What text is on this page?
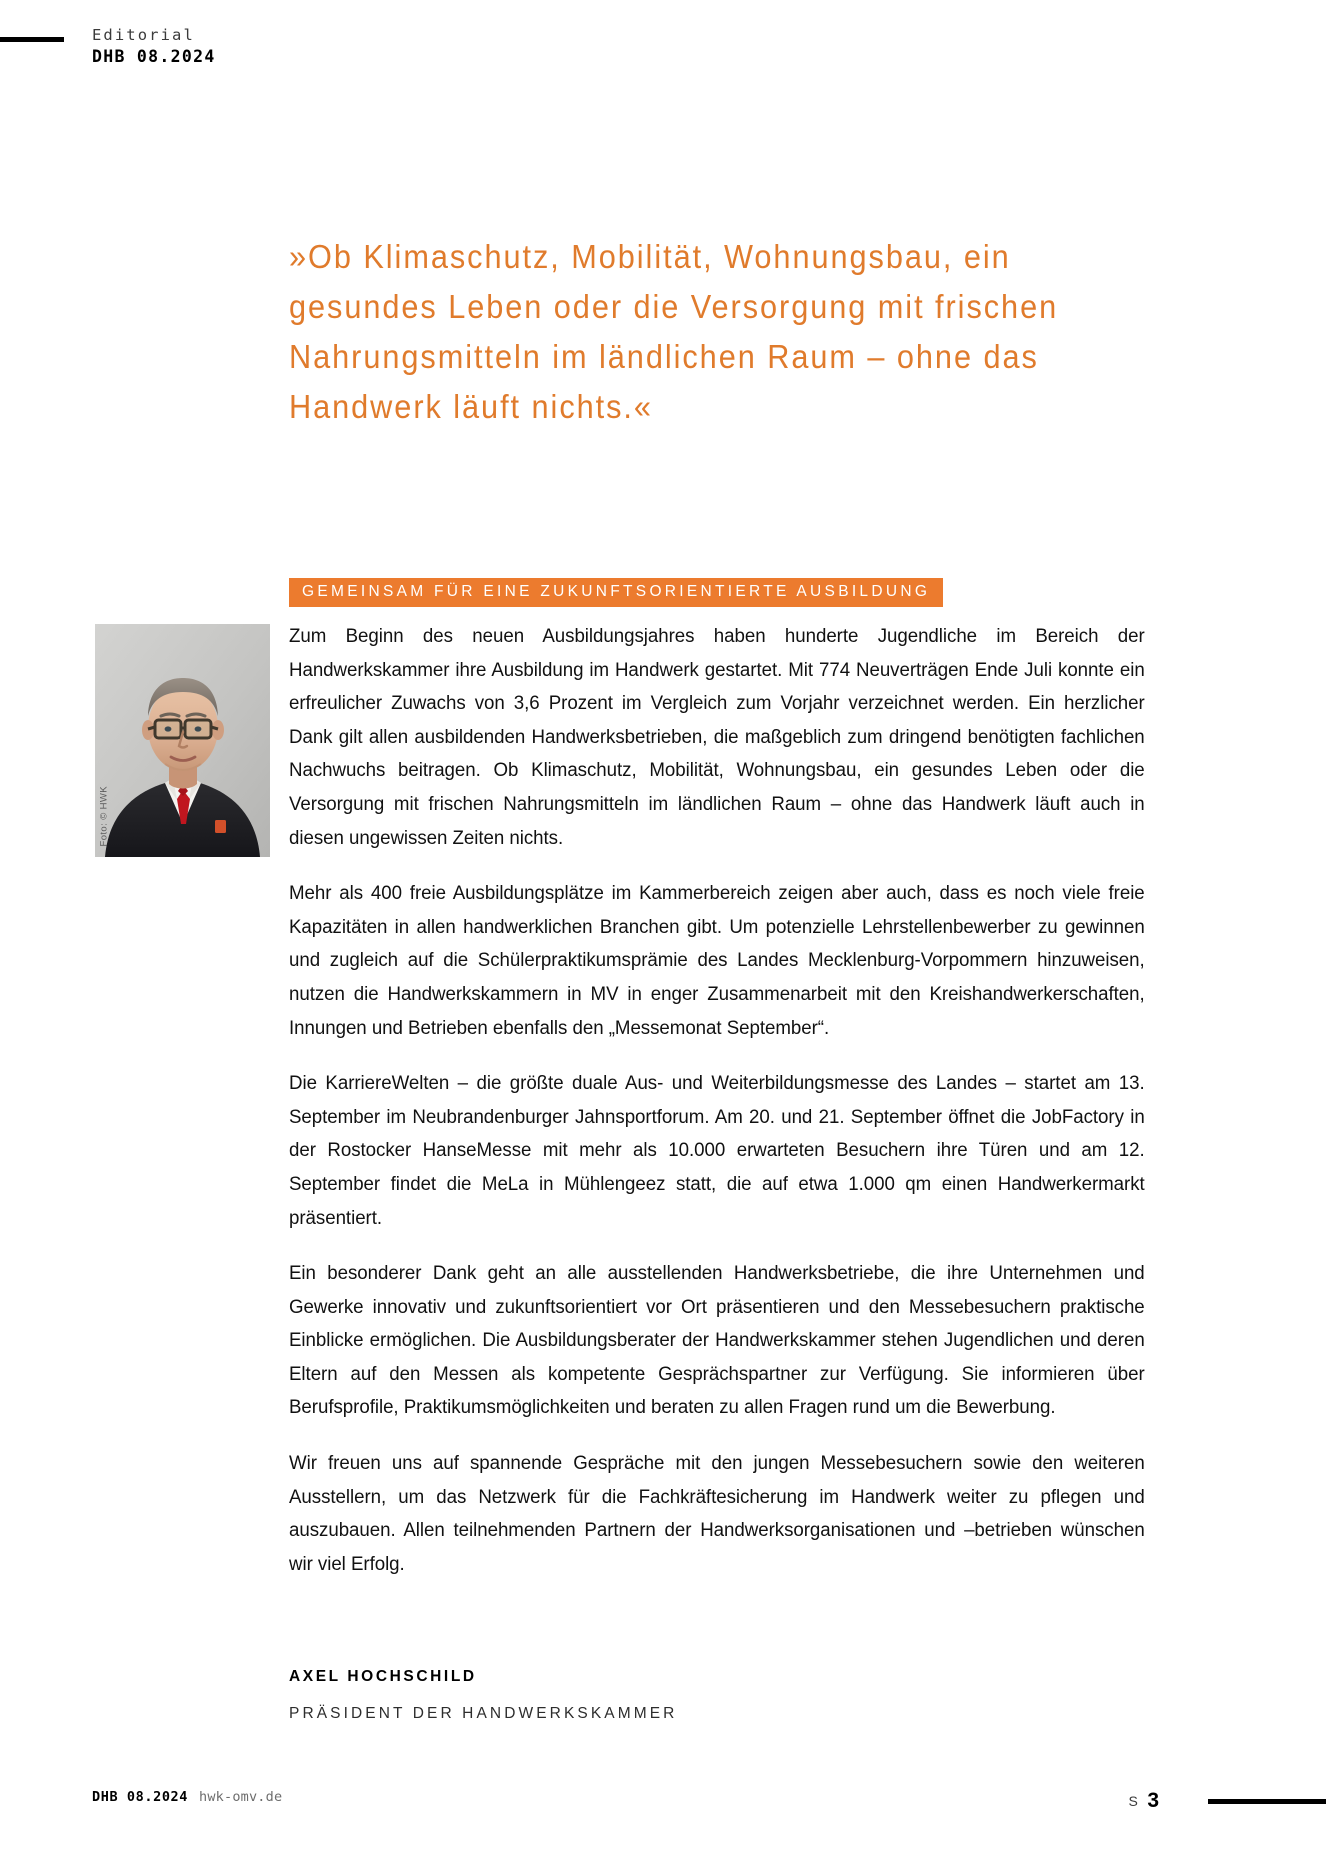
Editorial
DHB 08.2024
»Ob Klimaschutz, Mobilität, Wohnungsbau, ein gesundes Leben oder die Versorgung mit frischen Nahrungsmitteln im ländlichen Raum – ohne das Handwerk läuft nichts.«
GEMEINSAM FÜR EINE ZUKUNFTSORIENTIERTE AUSBILDUNG
Foto: © HWK

Zum Beginn des neuen Ausbildungsjahres haben hunderte Jugendliche im Bereich der Handwerkskammer ihre Ausbildung im Handwerk gestartet. Mit 774 Neuverträgen Ende Juli konnte ein erfreulicher Zuwachs von 3,6 Prozent im Vergleich zum Vorjahr verzeichnet werden. Ein herzlicher Dank gilt allen ausbildenden Handwerksbetrieben, die maßgeblich zum dringend benötigten fachlichen Nachwuchs beitragen. Ob Klimaschutz, Mobilität, Wohnungsbau, ein gesundes Leben oder die Versorgung mit frischen Nahrungsmitteln im ländlichen Raum – ohne das Handwerk läuft auch in diesen ungewissen Zeiten nichts.

Mehr als 400 freie Ausbildungsplätze im Kammerbereich zeigen aber auch, dass es noch viele freie Kapazitäten in allen handwerklichen Branchen gibt. Um potenzielle Lehrstellenbewerber zu gewinnen und zugleich auf die Schülerpraktikumsprämie des Landes Mecklenburg-Vorpommern hinzuweisen, nutzen die Handwerkskammern in MV in enger Zusammenarbeit mit den Kreishandwerkerschaften, Innungen und Betrieben ebenfalls den „Messemonat September“.

Die KarriereWelten – die größte duale Aus- und Weiterbildungsmesse des Landes – startet am 13. September im Neubrandenburger Jahnsportforum. Am 20. und 21. September öffnet die JobFactory in der Rostocker HanseMesse mit mehr als 10.000 erwarteten Besuchern ihre Türen und am 12. September findet die MeLa in Mühlengeez statt, die auf etwa 1.000 qm einen Handwerkermarkt präsentiert.

Ein besonderer Dank geht an alle ausstellenden Handwerksbetriebe, die ihre Unternehmen und Gewerke innovativ und zukunftsorientiert vor Ort präsentieren und den Messebesuchern praktische Einblicke ermöglichen. Die Ausbildungsberater der Handwerkskammer stehen Jugendlichen und deren Eltern auf den Messen als kompetente Gesprächspartner zur Verfügung. Sie informieren über Berufsprofile, Praktikumsmöglichkeiten und beraten zu allen Fragen rund um die Bewerbung.

Wir freuen uns auf spannende Gespräche mit den jungen Messebesuchern sowie den weiteren Ausstellern, um das Netzwerk für die Fachkräftesicherung im Handwerk weiter zu pflegen und auszubauen. Allen teilnehmenden Partnern der Handwerksorganisationen und –betrieben wünschen wir viel Erfolg.

AXEL HOCHSCHILD
PRÄSIDENT DER HANDWERKSKAMMER
DHB 08.2024 hwk-omv.de	S 3
